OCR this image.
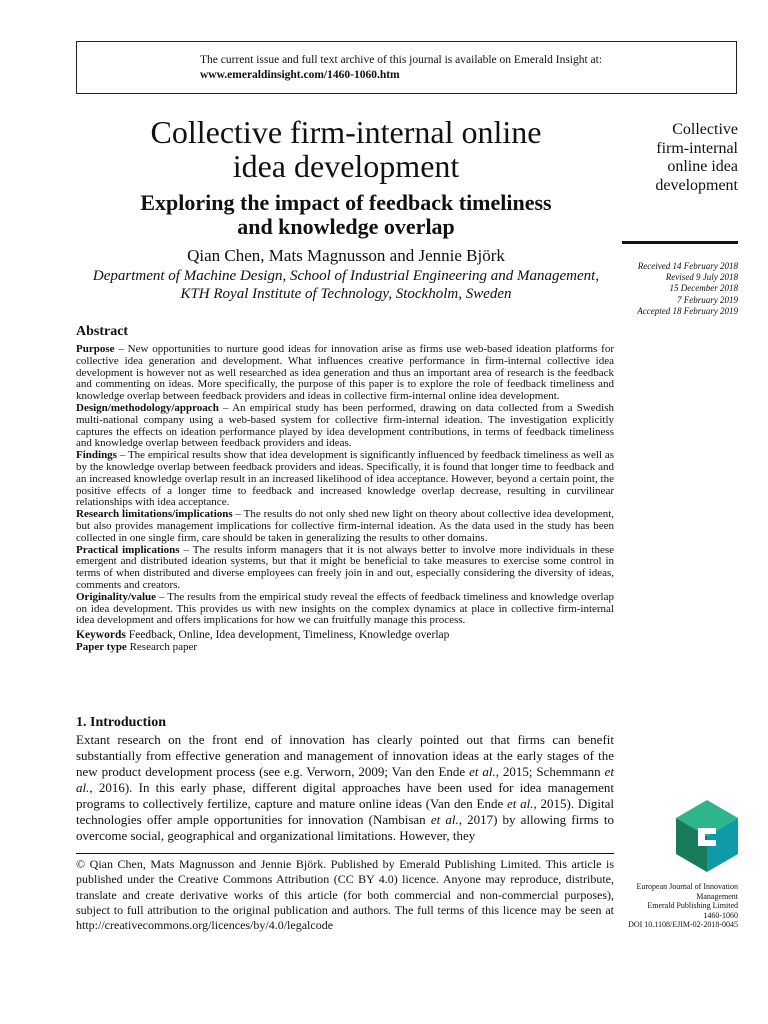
The current issue and full text archive of this journal is available on Emerald Insight at:
www.emeraldinsight.com/1460-1060.htm
Collective firm-internal online
idea development
Exploring the impact of feedback timeliness
and knowledge overlap
Qian Chen, Mats Magnusson and Jennie Björk
Department of Machine Design, School of Industrial Engineering and Management,
KTH Royal Institute of Technology, Stockholm, Sweden
Collective
firm-internal
online idea
development
Received 14 February 2018
Revised 9 July 2018
15 December 2018
7 February 2019
Accepted 18 February 2019
Abstract

Purpose – New opportunities to nurture good ideas for innovation arise as firms use web-based ideation platforms for collective idea generation and development. What influences creative performance in firm-internal collective idea development is however not as well researched as idea generation and thus an important area of research is the feedback and commenting on ideas. More specifically, the purpose of this paper is to explore the role of feedback timeliness and knowledge overlap between feedback providers and ideas in collective firm-internal online idea development.

Design/methodology/approach – An empirical study has been performed, drawing on data collected from a Swedish multi-national company using a web-based system for collective firm-internal ideation. The investigation explicitly captures the effects on ideation performance played by idea development contributions, in terms of feedback timeliness and knowledge overlap between feedback providers and ideas.

Findings – The empirical results show that idea development is significantly influenced by feedback timeliness as well as by the knowledge overlap between feedback providers and ideas. Specifically, it is found that longer time to feedback and an increased knowledge overlap result in an increased likelihood of idea acceptance. However, beyond a certain point, the positive effects of a longer time to feedback and increased knowledge overlap decrease, resulting in curvilinear relationships with idea acceptance.

Research limitations/implications – The results do not only shed new light on theory about collective idea development, but also provides management implications for collective firm-internal ideation. As the data used in the study has been collected in one single firm, care should be taken in generalizing the results to other domains.

Practical implications – The results inform managers that it is not always better to involve more individuals in these emergent and distributed ideation systems, but that it might be beneficial to take measures to exercise some control in terms of when distributed and diverse employees can freely join in and out, especially considering the diversity of ideas, comments and creators.

Originality/value – The results from the empirical study reveal the effects of feedback timeliness and knowledge overlap on idea development. This provides us with new insights on the complex dynamics at place in collective firm-internal idea development and offers implications for how we can fruitfully manage this process.

Keywords Feedback, Online, Idea development, Timeliness, Knowledge overlap

Paper type Research paper

1. Introduction

Extant research on the front end of innovation has clearly pointed out that firms can benefit substantially from effective generation and management of innovation ideas at the early stages of the new product development process (see e.g. Verworn, 2009; Van den Ende et al., 2015; Schemmann et al., 2016). In this early phase, different digital approaches have been used for idea management programs to collectively fertilize, capture and mature online ideas (Van den Ende et al., 2015). Digital technologies offer ample opportunities for innovation (Nambisan et al., 2017) by allowing firms to overcome social, geographical and organizational limitations. However, they

© Qian Chen, Mats Magnusson and Jennie Björk. Published by Emerald Publishing Limited. This article is published under the Creative Commons Attribution (CC BY 4.0) licence. Anyone may reproduce, distribute, translate and create derivative works of this article (for both commercial and non-commercial purposes), subject to full attribution to the original publication and authors. The full terms of this licence may be seen at http://creativecommons.org/licences/by/4.0/legalcode
European Journal of Innovation
Management
Emerald Publishing Limited
1460-1060
DOI 10.1108/EJIM-02-2018-0045
